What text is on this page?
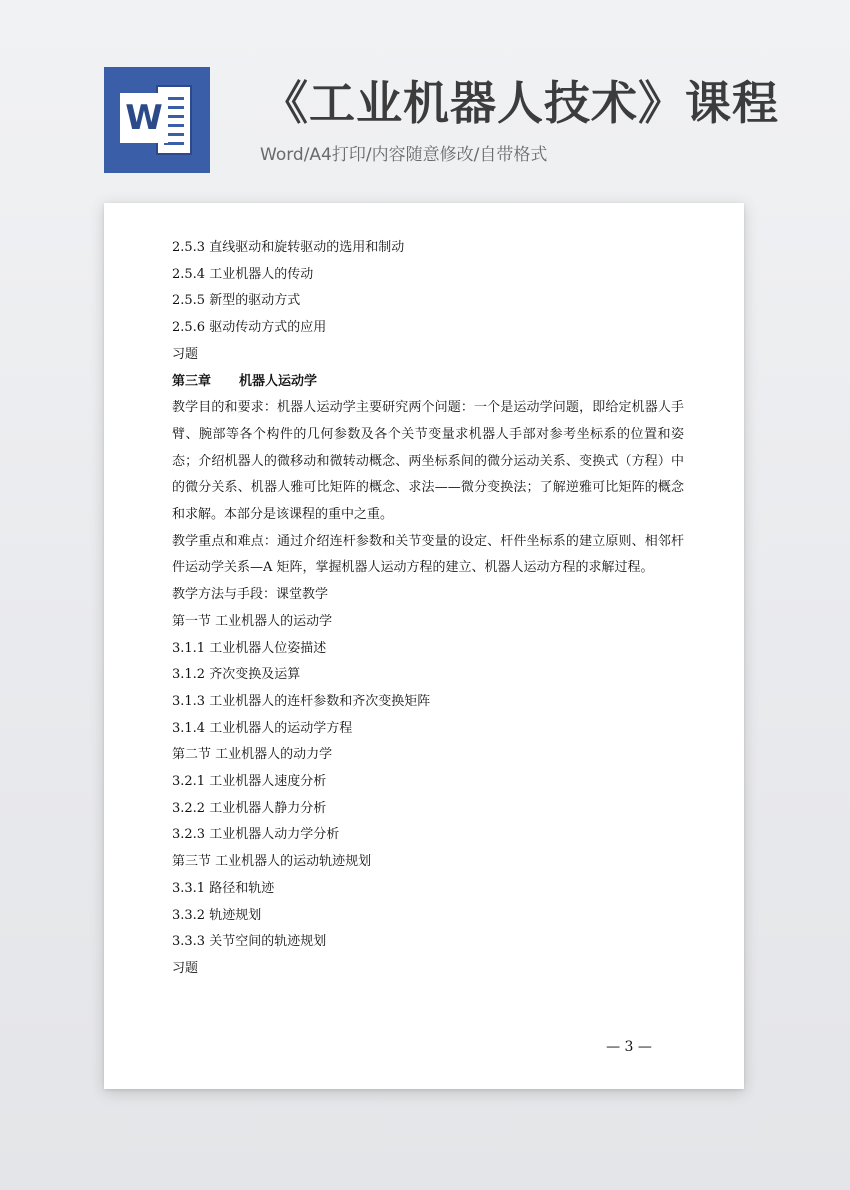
W 《工业机器人技术》课程

Word/A4打印/内容随意修改/自带格式

2.5.3 直线驱动和旋转驱动的选用和制动

2.5.4 工业机器人的传动

2.5.5 新型的驱动方式

2.5.6 驱动传动方式的应用

习题

第三章 机器人运动学

教学目的和要求：机器人运动学主要研究两个问题：一个是运动学问题，即给定机器人手臂、腕部等各个构件的几何参数及各个关节变量求机器人手部对参考坐标系的位置和姿态；介绍机器人的微移动和微转动概念、两坐标系间的微分运动关系、变换式（方程）中的微分关系、机器人雅可比矩阵的概念、求法——微分变换法；了解逆雅可比矩阵的概念和求解。本部分是该课程的重中之重。

教学重点和难点：通过介绍连杆参数和关节变量的设定、杆件坐标系的建立原则、相邻杆件运动学关系—A 矩阵，掌握机器人运动方程的建立、机器人运动方程的求解过程。

教学方法与手段：课堂教学

第一节 工业机器人的运动学

3.1.1 工业机器人位姿描述

3.1.2 齐次变换及运算

3.1.3 工业机器人的连杆参数和齐次变换矩阵

3.1.4 工业机器人的运动学方程

第二节 工业机器人的动力学

3.2.1 工业机器人速度分析

3.2.2 工业机器人静力分析

3.2.3 工业机器人动力学分析

第三节 工业机器人的运动轨迹规划

3.3.1 路径和轨迹

3.3.2 轨迹规划

3.3.3 关节空间的轨迹规划

习题

— 3 —
